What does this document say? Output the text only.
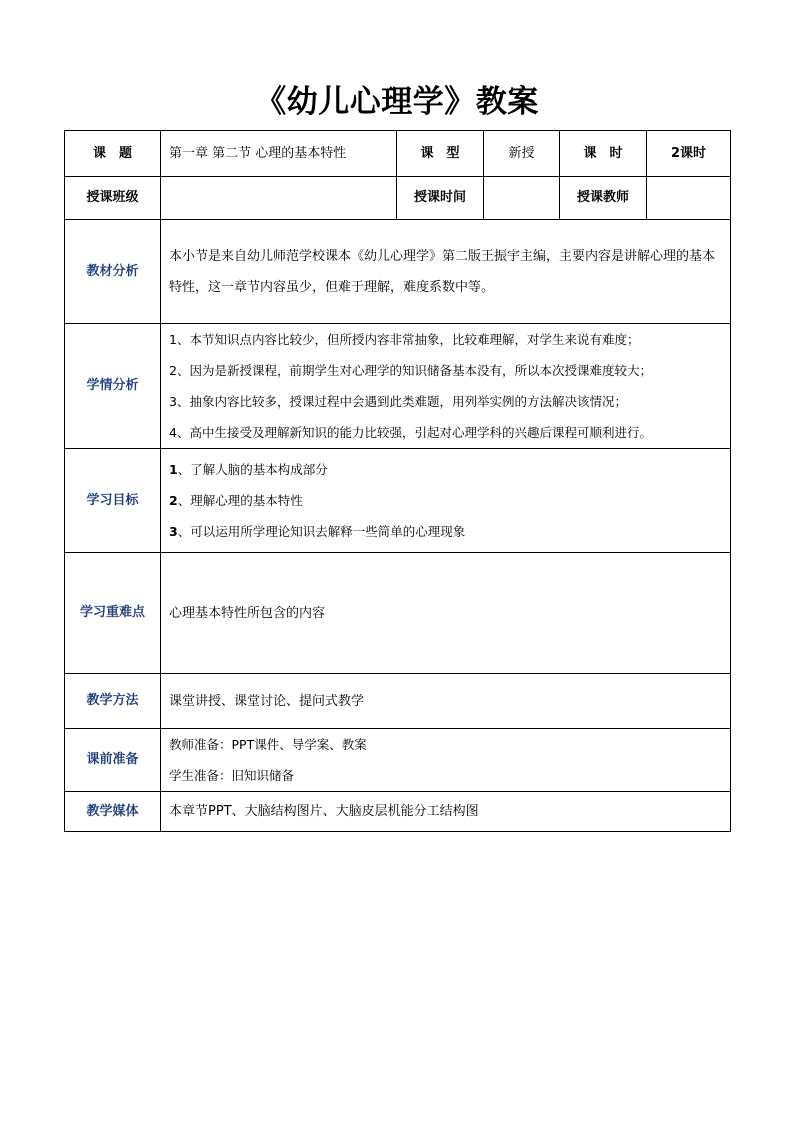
《幼儿心理学》教案
课　题	第一章 第二节 心理的基本特性	课　型	新授	课　时	2课时
授课班级		授课时间		授课教师	
教材分析	本小节是来自幼儿师范学校课本《幼儿心理学》第二版王振宇主编，主要内容是讲解心理的基本特性，这一章节内容虽少，但难于理解，难度系数中等。				

学情分析	1、本节知识点内容比较少，但所授内容非常抽象，比较难理解，对学生来说有难度；

2、因为是新授课程，前期学生对心理学的知识储备基本没有，所以本次授课难度较大；

3、抽象内容比较多，授课过程中会遇到此类难题，用列举实例的方法解决该情况；

4、高中生接受及理解新知识的能力比较强，引起对心理学科的兴趣后课程可顺利进行。				

学习目标	1、了解人脑的基本构成部分

2、理解心理的基本特性

3、可以运用所学理论知识去解释一些简单的心理现象				

学习重难点	心理基本特性所包含的内容				

教学方法	课堂讲授、课堂讨论、提问式教学				

课前准备	教师准备：PPT课件、导学案、教案

学生准备：旧知识储备				

教学媒体	本章节PPT、大脑结构图片、大脑皮层机能分工结构图				
